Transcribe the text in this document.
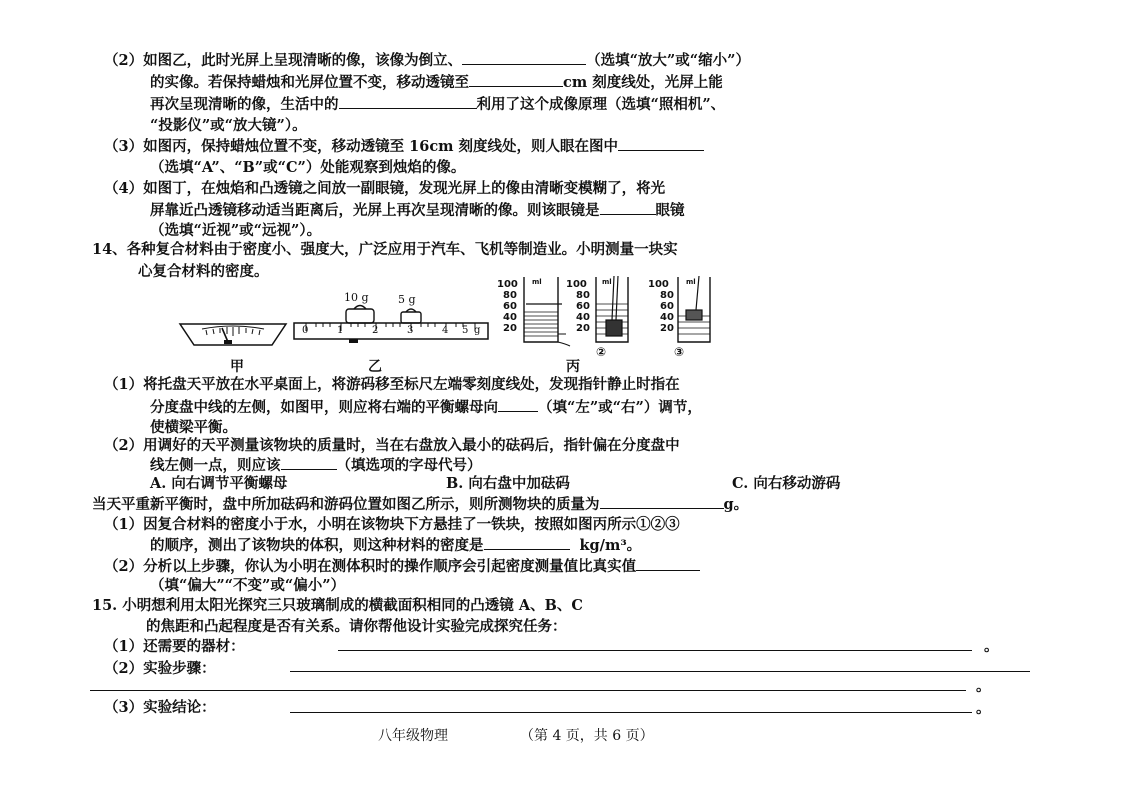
（2）如图乙，此时光屏上呈现清晰的像，该像为倒立、	（选填“放大”或“缩小”）
的实像。若保持蜡烛和光屏位置不变，移动透镜至	cm 刻度线处，光屏上能
再次呈现清晰的像，生活中的	利用了这个成像原理（选填“照相机”、
“投影仪”或“放大镜”）。
（3）如图丙，保持蜡烛位置不变，移动透镜至 16cm 刻度线处，则人眼在图中
（选填“A”、“B”或“C”）处能观察到烛焰的像。
（4）如图丁，在烛焰和凸透镜之间放一副眼镜，发现光屏上的像由清晰变模糊了，将光
屏靠近凸透镜移动适当距离后，光屏上再次呈现清晰的像。则该眼镜是	眼镜
（选填“近视”或“远视”）。
14、各种复合材料由于密度小、强度大，广泛应用于汽车、飞机等制造业。小明测量一块实
心复合材料的密度。
10 g	5 g
0	1	2	3	4 5 g
100
80
60
40
20
100
80
60
40
20
100
80
60
40
20
ml	ml	ml
②	③
甲	乙	丙
（1）将托盘天平放在水平桌面上，将游码移至标尺左端零刻度线处，发现指针静止时指在
分度盘中线的左侧，如图甲，则应将右端的平衡螺母向	（填“左”或“右”）调节，
使横梁平衡。
（2）用调好的天平测量该物块的质量时，当在右盘放入最小的砝码后，指针偏在分度盘中
线左侧一点，则应该	（填选项的字母代号）
A. 向右调节平衡螺母	B. 向右盘中加砝码	C. 向右移动游码
当天平重新平衡时，盘中所加砝码和游码位置如图乙所示，则所测物块的质量为	g。
（1）因复合材料的密度小于水，小明在该物块下方悬挂了一铁块，按照如图丙所示①②③
的顺序，测出了该物块的体积，则这种材料的密度是	kg/m³。
（2）分析以上步骤，你认为小明在测体积时的操作顺序会引起密度测量值比真实值
（填“偏大”“不变”或“偏小”）
15. 小明想利用太阳光探究三只玻璃制成的横截面积相同的凸透镜 A、B、C
的焦距和凸起程度是否有关系。请你帮他设计实验完成探究任务：
（1）还需要的器材：	。
（2）实验步骤：
。
（3）实验结论：	。
八年级物理	（第 4 页，共 6 页）
